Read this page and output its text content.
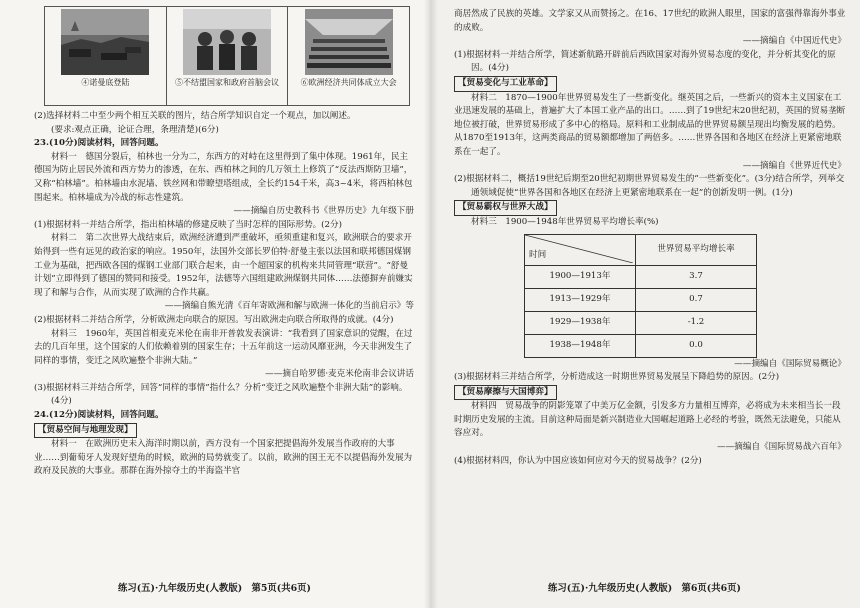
④诺曼底登陆	⑤不结盟国家和政府首脑会议	⑥欧洲经济共同体成立大会

(2)选择材料二中至少两个相互关联的图片，结合所学知识自定一个观点，加以阐述。

(要求:观点正确，论证合理，条理清楚)(6分)

23.(10分)阅读材料，回答问题。

材料一　德国分裂后，柏林也一分为二，东西方的对峙在这里得到了集中体现。1961年，民主德国为防止居民外流和西方势力的渗透，在东、西柏林之间的几万领土上修筑了“反法西斯防卫墙”，又称“柏林墙”。柏林墙由水泥墙、铁丝网和带瞭望塔组成，全长约154千米，高3~4米，将西柏林包围起来。柏林墙成为冷战的标志性建筑。

——摘编自历史教科书《世界历史》九年级下册

(1)根据材料一并结合所学，指出柏林墙的修建反映了当时怎样的国际形势。(2分)

材料二　第二次世界大战结束后，欧洲经济遭到严重破坏，亟须重建和复兴，欧洲联合的要求开始得到一些有远见的政治家的响应。1950年，法国外交部长罗伯特·舒曼主张以法国和联邦德国煤钢工业为基础，把西欧各国的煤钢工业部门联合起来，由一个超国家的机构来共同管理“联营”。“舒曼计划”立即得到了德国的赞同和接受。1952年，法德等六国组建欧洲煤钢共同体……法德摒弃前嫌实现了和解与合作，从而实现了欧洲的合作共赢。

——摘编自熊光清《百年寄欧洲和解与欧洲一体化的当前启示》等

(2)根据材料二并结合所学，分析欧洲走向联合的原因。写出欧洲走向联合所取得的成就。(4分)

材料三　1960年，英国首相麦克米伦在南非开普敦发表演讲：“我看到了国家意识的觉醒，在过去的几百年里，这个国家的人们依赖着别的国家生存；十五年前这一运动风靡亚洲，今天非洲发生了同样的事情，变迁之风吹遍整个非洲大陆。”

——摘自哈罗德·麦克米伦南非会议讲话

(3)根据材料三并结合所学，回答“同样的事情”指什么？分析“变迁之风吹遍整个非洲大陆”的影响。(4分)

24.(12分)阅读材料，回答问题。

【贸易空间与地理发现】

材料一　在欧洲历史未入海洋时期以前，西方没有一个国家把提倡海外发展当作政府的大事业……到葡萄牙人发现好望角的时候，欧洲的局势就变了。以前，欧洲的国王无不以提倡海外发展为政府及民族的大事业。那群在海外掠夺土的半海盗半官

练习(五)·九年级历史(人教版)　第5页(共6页)

商居然成了民族的英雄。文学家又从而赞扬之。在16、17世纪的欧洲人眼里，国家的富强得靠海外事业的成败。

——摘编自《中国近代史》

(1)根据材料一并结合所学，简述新航路开辟前后西欧国家对海外贸易态度的变化，并分析其变化的原因。(4分)

【贸易变化与工业革命】

材料二　1870—1900年世界贸易发生了一些新变化。继英国之后，一些新兴的资本主义国家在工业迅速发展的基础上，普遍扩大了本国工业产品的出口。……到了19世纪末20世纪初，英国的贸易垄断地位被打破，世界贸易形成了多中心的格局。原料和工业制成品的世界贸易额呈现出均衡发展的趋势。从1870至1913年，这两类商品的贸易额都增加了两倍多。……世界各国和各地区在经济上更紧密地联系在一起了。

——摘编自《世界近代史》

(2)根据材料二，概括19世纪后期至20世纪初期世界贸易发生的“一些新变化”。(3分)结合所学，列举交通领域促使“世界各国和各地区在经济上更紧密地联系在一起”的创新发明一例。(1分)

【贸易霸权与世界大战】

材料三　1900—1948年世界贸易平均增长率(%)

时间	世界贸易平均增长率
1900—1913年	3.7
1913—1929年	0.7
1929—1938年	-1.2
1938—1948年	0.0

——摘编自《国际贸易概论》

(3)根据材料三并结合所学，分析造成这一时期世界贸易发展呈下降趋势的原因。(2分)

【贸易摩擦与大国博弈】

材料四　贸易战争的阴影笼罩了中美万亿金额，引发多方力量相互博弈，必将成为未来相当长一段时期历史发展的主流。目前这种局面是新兴制造业大国崛起道路上必经的考验，既然无法避免，只能从容应对。

——摘编自《国际贸易战六百年》

(4)根据材料四，你认为中国应该如何应对今天的贸易战争？(2分)

练习(五)·九年级历史(人教版)　第6页(共6页)
